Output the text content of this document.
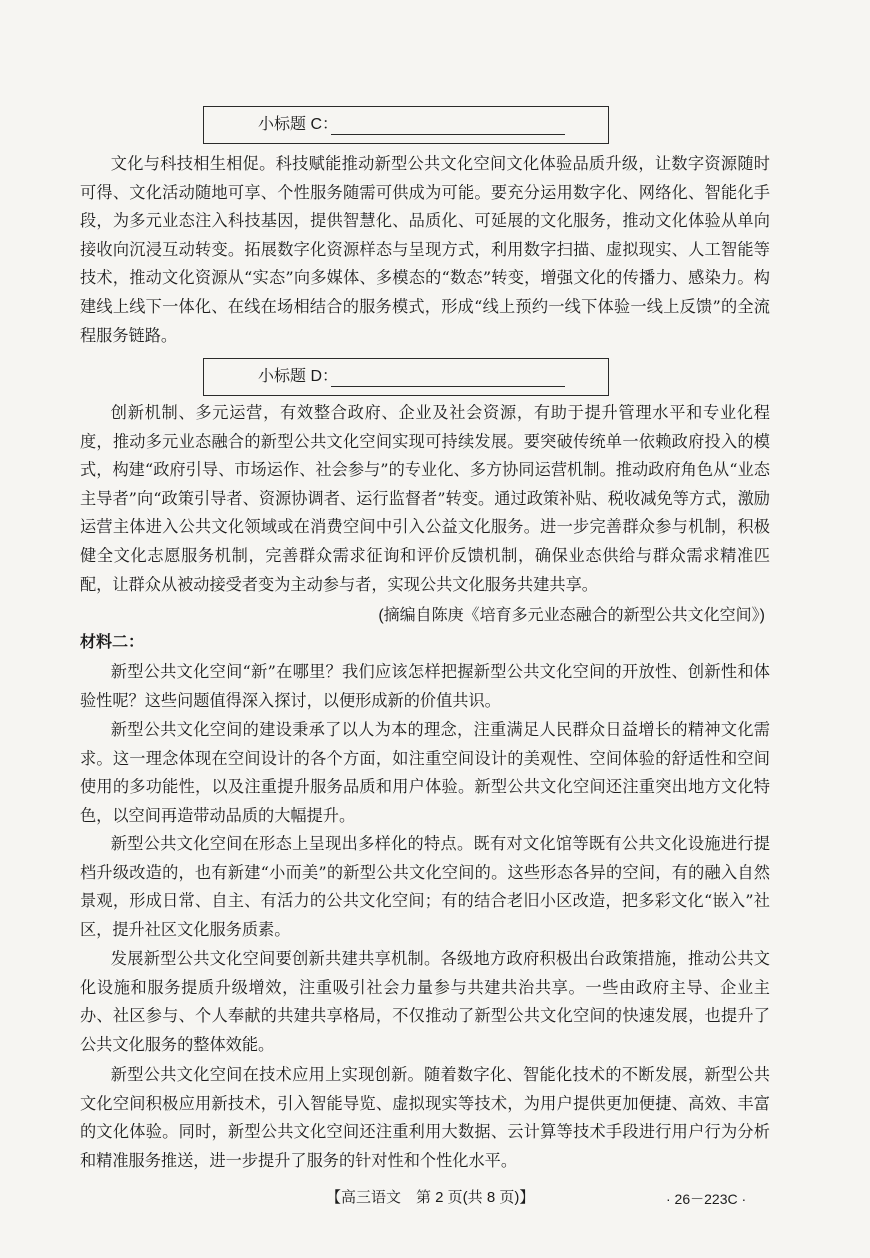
小标题 C：

文化与科技相生相促。科技赋能推动新型公共文化空间文化体验品质升级，让数字资源随时可得、文化活动随地可享、个性服务随需可供成为可能。要充分运用数字化、网络化、智能化手段，为多元业态注入科技基因，提供智慧化、品质化、可延展的文化服务，推动文化体验从单向接收向沉浸互动转变。拓展数字化资源样态与呈现方式，利用数字扫描、虚拟现实、人工智能等技术，推动文化资源从“实态”向多媒体、多模态的“数态”转变，增强文化的传播力、感染力。构建线上线下一体化、在线在场相结合的服务模式，形成“线上预约一线下体验一线上反馈”的全流程服务链路。

小标题 D：

创新机制、多元运营，有效整合政府、企业及社会资源，有助于提升管理水平和专业化程度，推动多元业态融合的新型公共文化空间实现可持续发展。要突破传统单一依赖政府投入的模式，构建“政府引导、市场运作、社会参与”的专业化、多方协同运营机制。推动政府角色从“业态主导者”向“政策引导者、资源协调者、运行监督者”转变。通过政策补贴、税收减免等方式，激励运营主体进入公共文化领域或在消费空间中引入公益文化服务。进一步完善群众参与机制，积极健全文化志愿服务机制，完善群众需求征询和评价反馈机制，确保业态供给与群众需求精准匹配，让群众从被动接受者变为主动参与者，实现公共文化服务共建共享。

(摘编自陈庚《培育多元业态融合的新型公共文化空间》)
材料二：

新型公共文化空间“新”在哪里？我们应该怎样把握新型公共文化空间的开放性、创新性和体验性呢？这些问题值得深入探讨，以便形成新的价值共识。

新型公共文化空间的建设秉承了以人为本的理念，注重满足人民群众日益增长的精神文化需求。这一理念体现在空间设计的各个方面，如注重空间设计的美观性、空间体验的舒适性和空间使用的多功能性，以及注重提升服务品质和用户体验。新型公共文化空间还注重突出地方文化特色，以空间再造带动品质的大幅提升。

新型公共文化空间在形态上呈现出多样化的特点。既有对文化馆等既有公共文化设施进行提档升级改造的，也有新建“小而美”的新型公共文化空间的。这些形态各异的空间，有的融入自然景观，形成日常、自主、有活力的公共文化空间；有的结合老旧小区改造，把多彩文化“嵌入”社区，提升社区文化服务质素。

发展新型公共文化空间要创新共建共享机制。各级地方政府积极出台政策措施，推动公共文化设施和服务提质升级增效，注重吸引社会力量参与共建共治共享。一些由政府主导、企业主办、社区参与、个人奉献的共建共享格局，不仅推动了新型公共文化空间的快速发展，也提升了公共文化服务的整体效能。

新型公共文化空间在技术应用上实现创新。随着数字化、智能化技术的不断发展，新型公共文化空间积极应用新技术，引入智能导览、虚拟现实等技术，为用户提供更加便捷、高效、丰富的文化体验。同时，新型公共文化空间还注重利用大数据、云计算等技术手段进行用户行为分析和精准服务推送，进一步提升了服务的针对性和个性化水平。

【高三语文　第 2 页(共 8 页)】	· 26－223C ·
